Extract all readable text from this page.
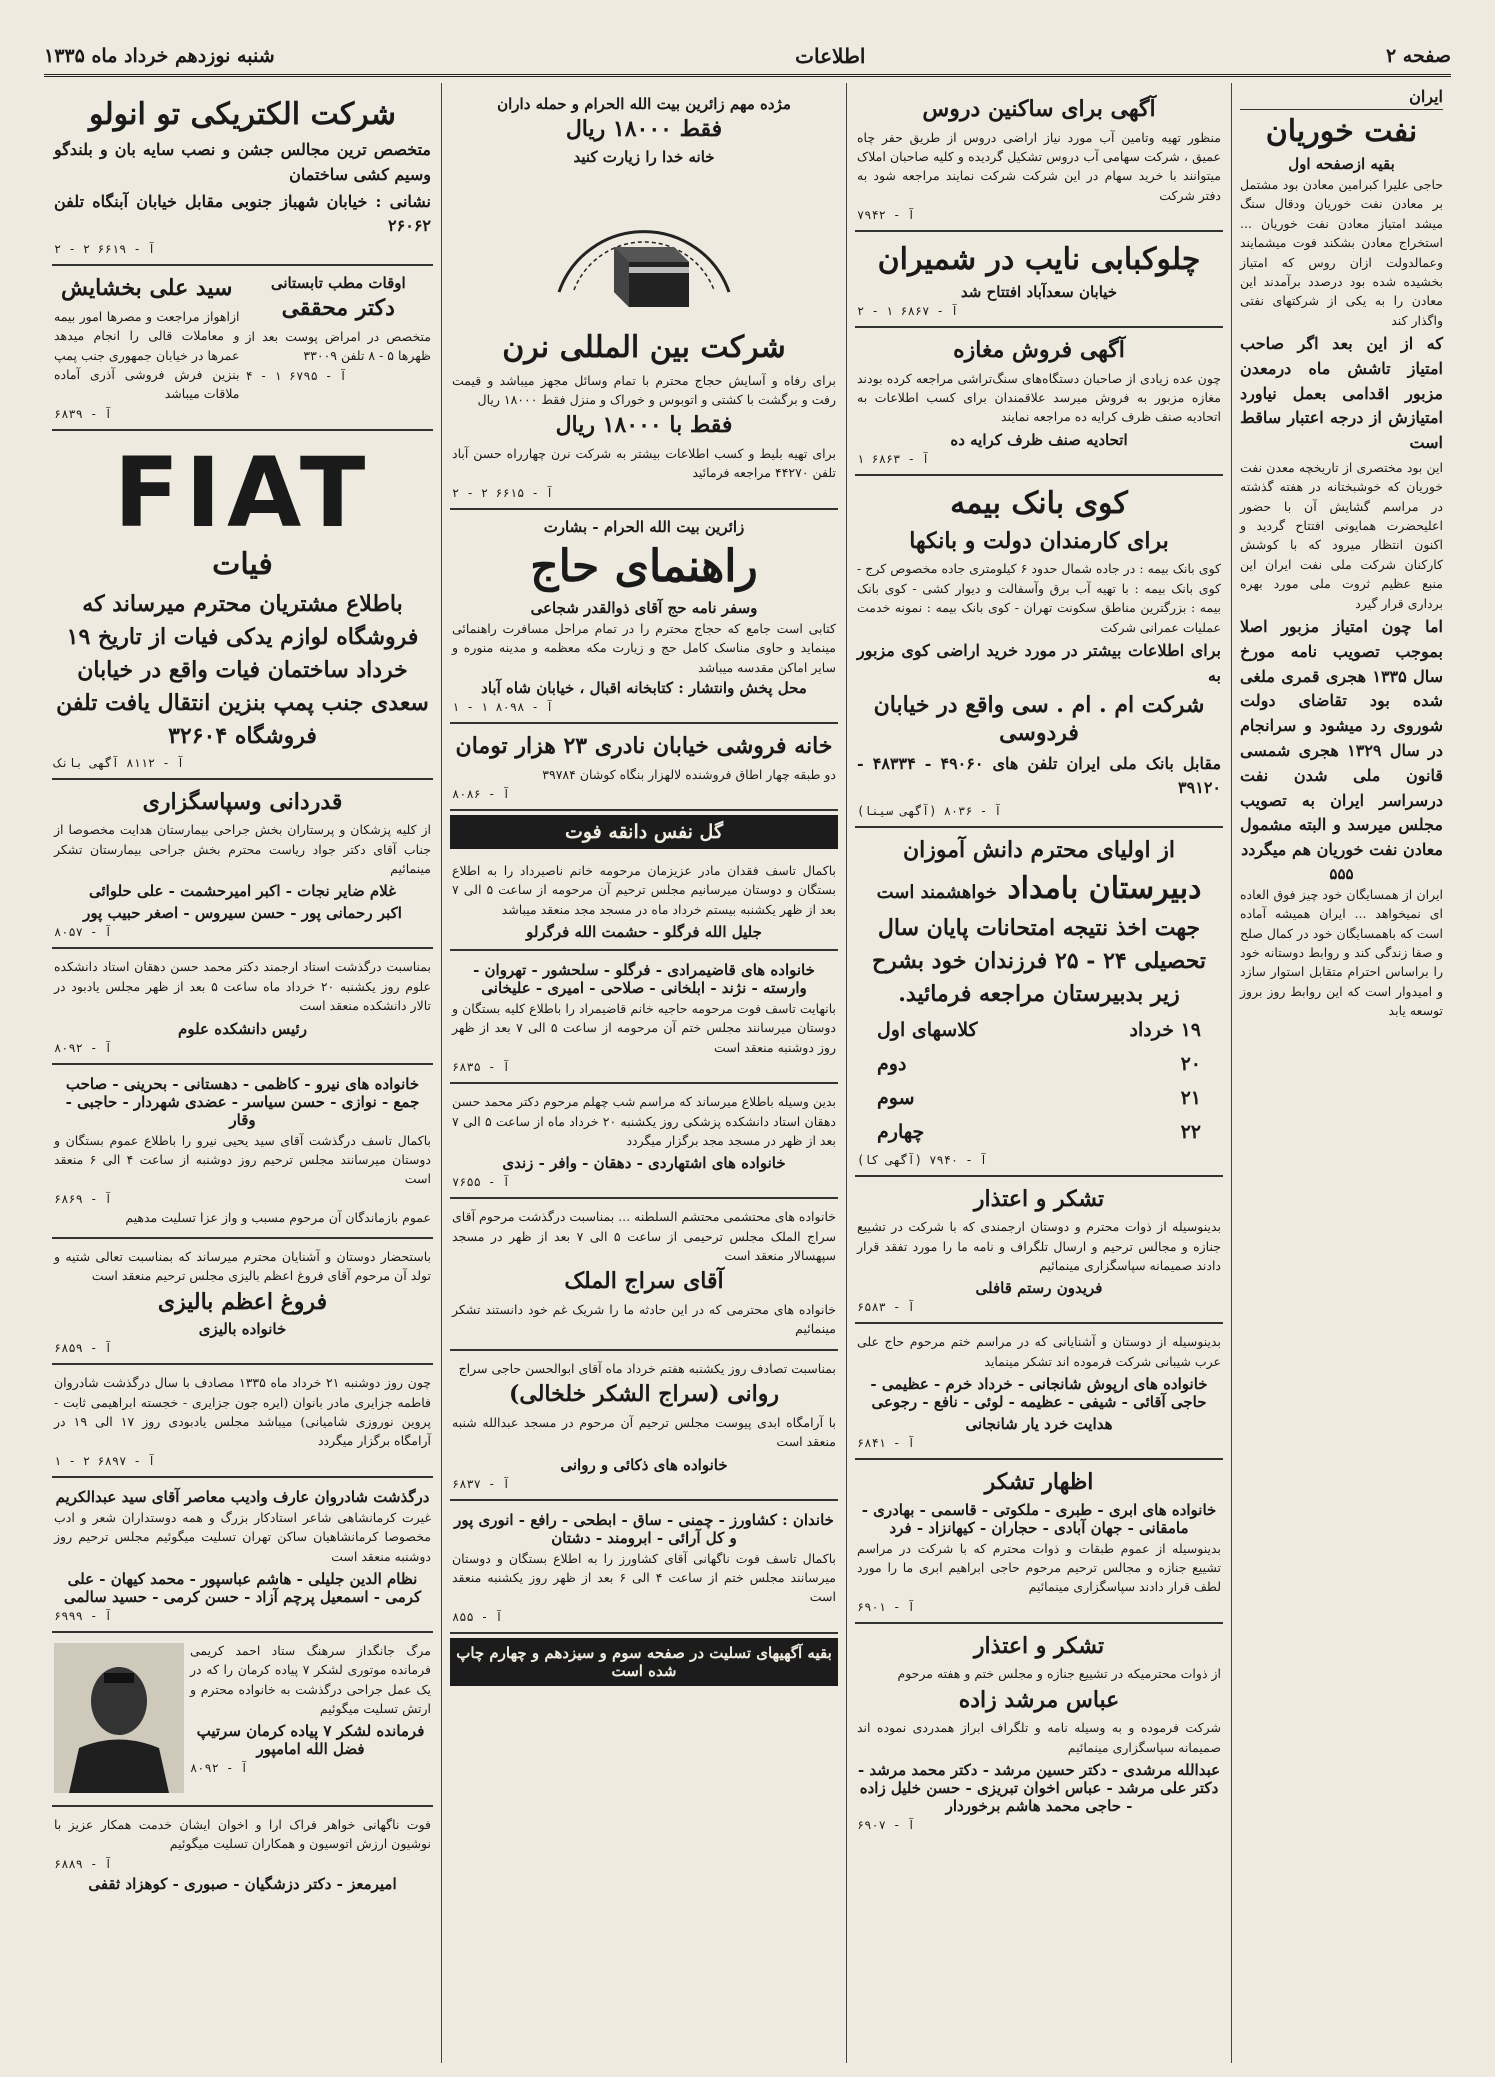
صفحه ۲
اطلاعات
شنبه نوزدهم خرداد ماه ۱۳۳۵
ایران
نفت خوریان
بقیه ازصفحه اول

حاجی علیرا کبرامین معادن بود مشتمل بر معادن نفت خوریان ودقال سنگ میشد امتیاز معادن نفت خوریان ... استخراج معادن بشکند فوت میشمایند وعمالدولت ازان روس که امتیاز بخشیده شده بود درصدد برآمدند این معادن را به یکی از شرکتهای نفتی واگذار کند

که از این بعد اگر صاحب امتیاز تاشش ماه درمعدن مزبور اقدامی بعمل نیاورد امتیازش از درجه اعتبار ساقط است

این بود مختصری از تاریخچه معدن نفت خوریان که خوشبختانه در هفته گذشته در مراسم گشایش آن با حضور اعلیحضرت همایونی افتتاح گردید و اکنون انتظار میرود که با کوشش کارکنان شرکت ملی نفت ایران این منبع عظیم ثروت ملی مورد بهره برداری قرار گیرد

اما چون امتیاز مزبور اصلا بموجب تصویب نامه مورخ سال ۱۳۳۵ هجری قمری ملغی شده بود تقاضای دولت شوروی رد میشود و سرانجام در سال ۱۳۲۹ هجری شمسی قانون ملی شدن نفت درسراسر ایران به تصویب مجلس میرسد و البته مشمول معادن نفت خوریان هم میگردد

۵۵۵

ایران از همسایگان خود چیز فوق العاده ای نمیخواهد ... ایران همیشه آماده است که باهمسایگان خود در کمال صلح و صفا زندگی کند و روابط دوستانه خود را براساس احترام متقابل استوار سازد و امیدوار است که این روابط روز بروز توسعه یابد

آگهی برای ساکنین دروس

منظور تهیه وتامین آب مورد نیاز اراضی دروس از طریق حفر چاه عمیق ، شرکت سهامی آب دروس تشکیل گردیده و کلیه صاحبان املاک میتوانند با خرید سهام در این شرکت شرکت نمایند مراجعه شود به دفتر شرکت

آ - ۷۹۴۲
چلوکبابی نایب در شمیران
خیابان سعدآباد افتتاح شد
آ - ۶۸۶۷ ۱ - ۲
آگهی فروش مغازه

چون عده زیادی از صاحبان دستگاه‌های سنگ‌تراشی مراجعه کرده بودند مغازه مزبور به فروش میرسد علاقمندان برای کسب اطلاعات به اتحادیه صنف ظرف کرایه ده مراجعه نمایند

اتحادیه صنف ظرف کرایه ده
آ - ۶۸۶۳ ۱
کوی بانک بیمه
برای کارمندان دولت و بانکها

کوی بانک بیمه : در جاده شمال حدود ۶ کیلومتری جاده مخصوص کرج - کوی بانک بیمه : با تهیه آب برق وآسفالت و دیوار کشی - کوی بانک بیمه : بزرگترین مناطق سکونت تهران - کوی بانک بیمه : نمونه خدمت عملیات عمرانی شرکت

برای اطلاعات بیشتر در مورد خرید اراضی کوی مزبور به

شرکت ام . ام . سی واقع در خیابان فردوسی

مقابل بانک ملی ایران تلفن های ۴۹۰۶۰ - ۴۸۳۳۴ - ۳۹۱۲۰

آ - ۸۰۳۶ (آگهی سینا)
از اولیای محترم دانش آموزان
دبیرستان بامداد خواهشمند است

جهت اخذ نتیجه امتحانات پایان سال تحصیلی ۲۴ - ۲۵ فرزندان خود بشرح زیر بدبیرستان مراجعه فرمائید.

۱۹ خرداد
کلاسهای اول
۲۰
دوم
۲۱
سوم
۲۲
چهارم
آ - ۷۹۴۰ (آگهی کا)
تشکر و اعتذار

بدینوسیله از ذوات محترم و دوستان ارجمندی که با شرکت در تشییع جنازه و مجالس ترحیم و ارسال تلگراف و نامه ما را مورد تفقد قرار دادند صمیمانه سپاسگزاری مینمائیم

فریدون رستم قافلی
آ - ۶۵۸۳

بدینوسیله از دوستان و آشنایانی که در مراسم ختم مرحوم حاج علی عرب شیبانی شرکت فرموده اند تشکر مینماید

خانواده های ارپوش شانجانی - خرداد خرم - عظیمی - حاجی آقائی - شیفی - عظیمه - لوئی - نافع - رجوعی
هدایت خرد یار شانجانی
آ - ۶۸۴۱
اظهار تشکر
خانواده های ابری - طبری - ملکوتی - قاسمی - بهادری - مامقانی - جهان آبادی - حجاران - کیهانزاد - فرد

بدینوسیله از عموم طبقات و ذوات محترم که با شرکت در مراسم تشییع جنازه و مجالس ترحیم مرحوم حاجی ابراهیم ابری ما را مورد لطف قرار دادند سپاسگزاری مینمائیم

آ - ۶۹۰۱
تشکر و اعتذار

از ذوات محترمیکه در تشییع جنازه و مجلس ختم و هفته مرحوم

عباس مرشد زاده

شرکت فرموده و به وسیله نامه و تلگراف ابراز همدردی نموده اند صمیمانه سپاسگزاری مینمائیم

عبدالله مرشدی - دکتر حسین مرشد - دکتر محمد مرشد - دکتر علی مرشد - عباس اخوان تبریزی - حسن خلیل زاده - حاجی محمد هاشم برخوردار
آ - ۶۹۰۷
مژده مهم زائرین بیت الله الحرام و حمله داران
فقط ۱۸۰۰۰ ریال
خانه خدا را زیارت کنید
شرکت بین المللی نرن

برای رفاه و آسایش حجاج محترم با تمام وسائل مجهز میباشد و قیمت رفت و برگشت با کشتی و اتوبوس و خوراک و منزل فقط ۱۸۰۰۰ ریال

فقط با ۱۸۰۰۰ ریال

برای تهیه بلیط و کسب اطلاعات بیشتر به شرکت نرن چهارراه حسن آباد تلفن ۴۴۲۷۰ مراجعه فرمائید

آ - ۶۶۱۵ ۲ - ۲
زائرین بیت الله الحرام - بشارت
راهنمای حاج
وسفر نامه حج آقای ذوالقدر شجاعی

کتابی است جامع که حجاج محترم را در تمام مراحل مسافرت راهنمائی مینماید و حاوی مناسک کامل حج و زیارت مکه معظمه و مدینه منوره و سایر اماکن مقدسه میباشد

محل پخش وانتشار : کتابخانه اقبال ، خیابان شاه آباد
آ - ۸۰۹۸ ۱ - ۱
خانه فروشی خیابان نادری ۲۳ هزار تومان

دو طبقه چهار اطاق فروشنده لالهزار بنگاه کوشان ۳۹۷۸۴

آ - ۸۰۸۶
گل نفس دانقه فوت

باکمال تاسف فقدان مادر عزیزمان مرحومه خانم ناصیرداد را به اطلاع بستگان و دوستان میرسانیم مجلس ترحیم آن مرحومه از ساعت ۵ الی ۷ بعد از ظهر یکشنبه بیستم خرداد ماه در مسجد مجد منعقد میباشد

جلیل الله فرگلو - حشمت الله فرگرلو
خانواده های قاضیمرادی - فرگلو - سلحشور - تهروان - وارسته - نژند - ابلخانی - صلاحی - امیری - علیخانی

بانهایت تاسف فوت مرحومه حاجیه خانم قاضیمراد را باطلاع کلیه بستگان و دوستان میرسانند مجلس ختم آن مرحومه از ساعت ۵ الی ۷ بعد از ظهر روز دوشنبه منعقد است

آ - ۶۸۳۵

بدین وسیله باطلاع میرساند که مراسم شب چهلم مرحوم دکتر محمد حسن دهقان استاد دانشکده پزشکی روز یکشنبه ۲۰ خرداد ماه از ساعت ۵ الی ۷ بعد از ظهر در مسجد مجد برگزار میگردد

خانواده های اشتهاردی - دهقان - وافر - زندی
آ - ۷۶۵۵

خانواده های محتشمی محتشم السلطنه ... بمناسبت درگذشت مرحوم آقای سراج الملک مجلس ترحیمی از ساعت ۵ الی ۷ بعد از ظهر در مسجد سپهسالار منعقد است

آقای سراج الملک

خانواده های محترمی که در این حادثه ما را شریک غم خود دانستند تشکر مینمائیم

بمناسبت تصادف روز یکشنبه هفتم خرداد ماه آقای ابوالحسن حاجی سراج

روانی (سراج الشکر خلخالی)

با آرامگاه ابدی پیوست مجلس ترحیم آن مرحوم در مسجد عبدالله شنبه منعقد است

خانواده های ذکائی و روانی
آ - ۶۸۳۷
خاندان : کشاورز - چمنی - ساق - ابطحی - رافع - انوری پور و کل آرائی - ابرومند - دشتان

باکمال تاسف فوت ناگهانی آقای کشاورز را به اطلاع بستگان و دوستان میرسانند مجلس ختم از ساعت ۴ الی ۶ بعد از ظهر روز یکشنبه منعقد است

آ - ۸۵۵
بقیه آگهیهای تسلیت در صفحه سوم و سیزدهم و چهارم چاپ شده است
شرکت الکتریکی تو انولو

متخصص ترین مجالس جشن و نصب سایه بان و بلندگو وسیم کشی ساختمان

نشانی : خیابان شهباز جنوبی مقابل خیابان آبنگاه تلفن ۲۶۰۶۲

آ - ۶۶۱۹ ۲ - ۲
اوقات مطب تابستانی
دکتر محققی

متخصص در امراض پوست بعد از ظهرها ۵ - ۸ تلفن ۳۳۰۰۹

آ - ۶۷۹۵ ۱ - ۴
سید علی بخشایش

ازاهواز مراجعت و مصرها امور بیمه و معاملات قالی را انجام میدهد عمرها در خیابان جمهوری جنب پمپ بنزین فرش فروشی آذری آماده ملاقات میباشد

آ - ۶۸۳۹
FIAT
فیات

باطلاع مشتریان محترم میرساند که فروشگاه لوازم یدکی فیات از تاریخ ۱۹ خرداد ساختمان فیات واقع در خیابان سعدی جنب پمپ بنزین انتقال یافت تلفن فروشگاه ۳۲۶۰۴

آ - ۸۱۱۲ آگهی بانک
قدردانی وسپاسگزاری

از کلیه پزشکان و پرستاران بخش جراحی بیمارستان هدایت مخصوصا از جناب آقای دکتر جواد ریاست محترم بخش جراحی بیمارستان تشکر مینمائیم

غلام ضایر نجات - اکبر امیرحشمت - علی حلوائی
اکبر رحمانی پور - حسن سیروس - اصغر حبیب پور
آ - ۸۰۵۷

بمناسبت درگذشت استاد ارجمند دکتر محمد حسن دهقان استاد دانشکده علوم روز یکشنبه ۲۰ خرداد ماه ساعت ۵ بعد از ظهر مجلس یادبود در تالار دانشکده منعقد است

رئیس دانشکده علوم
آ - ۸۰۹۲
خانواده های نیرو - کاظمی - دهستانی - بحرینی - صاحب جمع - نوازی - حسن سیاسر - عضدی شهردار - حاجبی - وقار

باکمال تاسف درگذشت آقای سید یحیی نیرو را باطلاع عموم بستگان و دوستان میرسانند مجلس ترحیم روز دوشنبه از ساعت ۴ الی ۶ منعقد است

آ - ۶۸۶۹

عموم بازماندگان آن مرحوم مسبب و واز عزا تسلیت مدهیم

باستحضار دوستان و آشنایان محترم میرساند که بمناسبت تعالی شتیه و تولد آن مرحوم آقای فروغ اعظم بالیزی مجلس ترحیم منعقد است

فروغ اعظم بالیزی
خانواده بالیزی
آ - ۶۸۵۹

چون روز دوشنبه ۲۱ خرداد ماه ۱۳۳۵ مصادف با سال درگذشت شادروان فاطمه جزایری مادر بانوان (ایره جون جزایری - خجسته ابراهیمی ثابت - پروین نوروزی شامیانی) میباشد مجلس یادبودی روز ۱۷ الی ۱۹ در آرامگاه برگزار میگردد

آ - ۶۸۹۷ ۲ - ۱
درگذشت شادروان عارف وادیب معاصر آقای سید عبدالکریم

غیرت کرمانشاهی شاعر استادکار بزرگ و همه دوستداران شعر و ادب مخصوصا کرمانشاهیان ساکن تهران تسلیت میگوئیم مجلس ترحیم روز دوشنبه منعقد است

نظام الدین جلیلی - هاشم عباسپور - محمد کیهان - علی کرمی - اسمعیل پرچم آزاد - حسن کرمی - حسید سالمی
آ - ۶۹۹۹

مرگ جانگداز سرهنگ ستاد احمد کریمی فرمانده موتوری لشکر ۷ پیاده کرمان را که در یک عمل جراحی درگذشت به خانواده محترم و ارتش تسلیت میگوئیم

فرمانده لشکر ۷ پیاده کرمان سرتیپ فضل الله امامپور
آ - ۸۰۹۲

فوت ناگهانی خواهر فراک ارا و اخوان ایشان خدمت همکار عزیز با نوشیون ارزش اتوسیون و همکاران تسلیت میگوئیم

آ - ۶۸۸۹
امیرمعز - دکتر دزشگیان - صبوری - کوهزاد ثقفی
